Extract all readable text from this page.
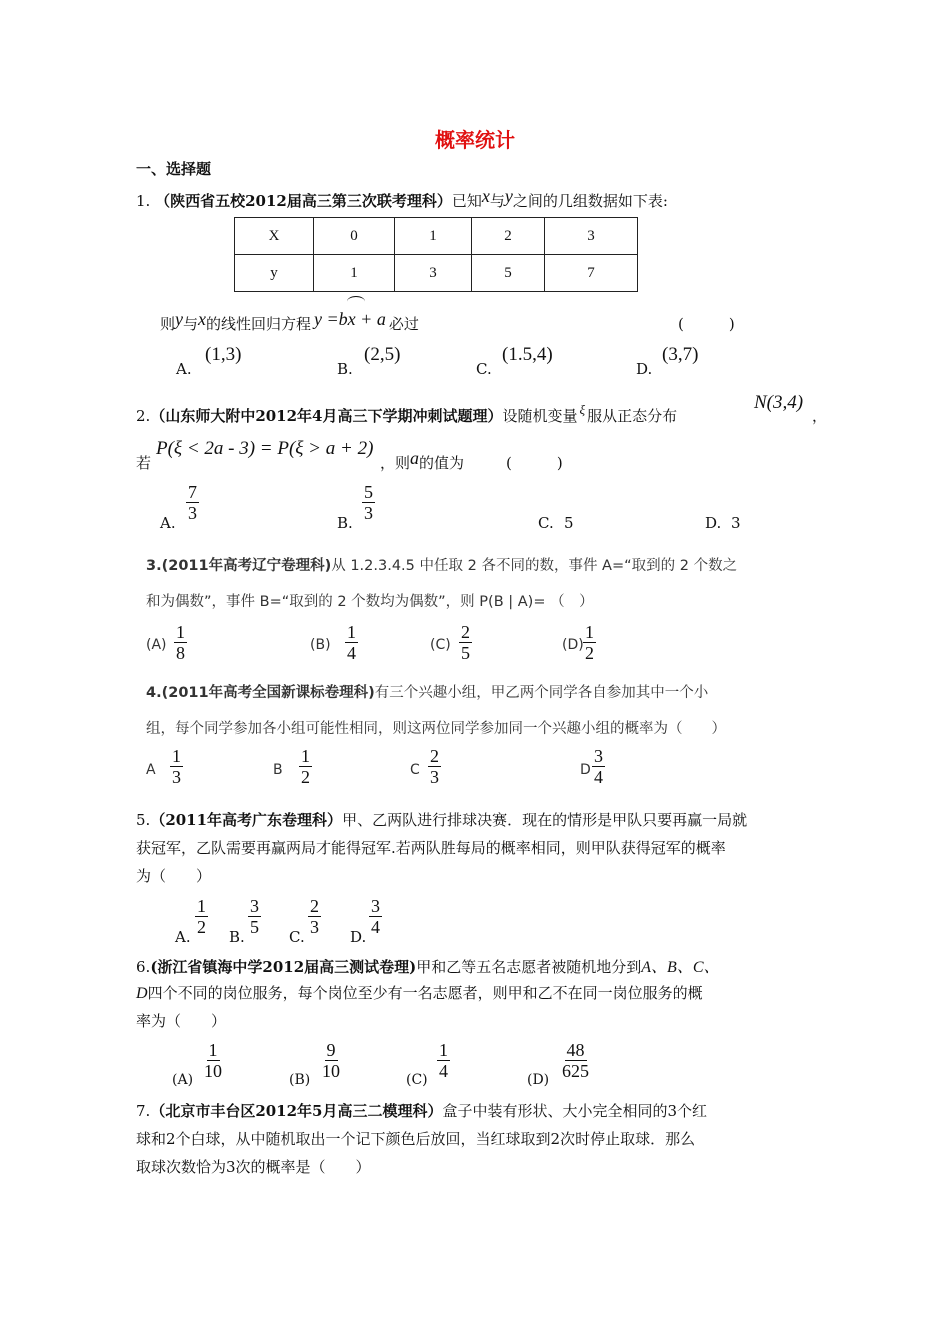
概率统计
一、选择题
1. （陕西省五校2012届高三第三次联考理科）已知x与y之间的几组数据如下表:
X	0	1	2	3
y	1	3	5	7
则y与x的线性回归方程 y =bx + a 必过	(　　　)
A.
(1,3)
B.
(2,5)
C.
(1.5,4)
D.
(3,7)
2.（山东师大附中2012年4月高三下学期冲刺试题理）设随机变量 ξ 服从正态分布
N(3,4)
，
若
P(ξ < 2a - 3) = P(ξ > a + 2)
，则a的值为	(　　　)
A. $\frac{7}{3}$	B. $\frac{5}{3}$	C. 5	D. 3
3.(2011年高考辽宁卷理科)从 1.2.3.4.5 中任取 2 各不同的数，事件 A=“取到的 2 个数之
和为偶数”，事件 B=“取到的 2 个数均为偶数”，则 P(B | A)= （　）
$(A) \frac{1}{8}$	$(B) \frac{1}{4}$	$(C) \frac{2}{5}$	$(D) \frac{1}{2}$
4.(2011年高考全国新课标卷理科)有三个兴趣小组，甲乙两个同学各自参加其中一个小
组，每个同学参加各小组可能性相同，则这两位同学参加同一个兴趣小组的概率为（　　）
A $\frac{1}{3}$	B $\frac{1}{2}$	C $\frac{2}{3}$	D $\frac{3}{4}$
5.（2011年高考广东卷理科）甲、乙两队进行排球决赛．现在的情形是甲队只要再赢一局就
获冠军，乙队需要再赢两局才能得冠军.若两队胜每局的概率相同，则甲队获得冠军的概率
为（　　）
A. $\frac{1}{2} B$. $\frac{3}{5} C$. $\frac{2}{3} D$. $\frac{3}{4}$
6.(浙江省镇海中学2012届高三测试卷理)甲和乙等五名志愿者被随机地分到A、B、C、
D四个不同的岗位服务，每个岗位至少有一名志愿者，则甲和乙不在同一岗位服务的概
率为（　　）
$(A) \frac{1}{10}$	$(B) \frac{9}{10}$	$(C) \frac{1}{4}$	$(D) \frac{48}{625}$
7.（北京市丰台区2012年5月高三二模理科）盒子中装有形状、大小完全相同的3个红
球和2个白球，从中随机取出一个记下颜色后放回，当红球取到2次时停止取球．那么
取球次数恰为3次的概率是（　　）
